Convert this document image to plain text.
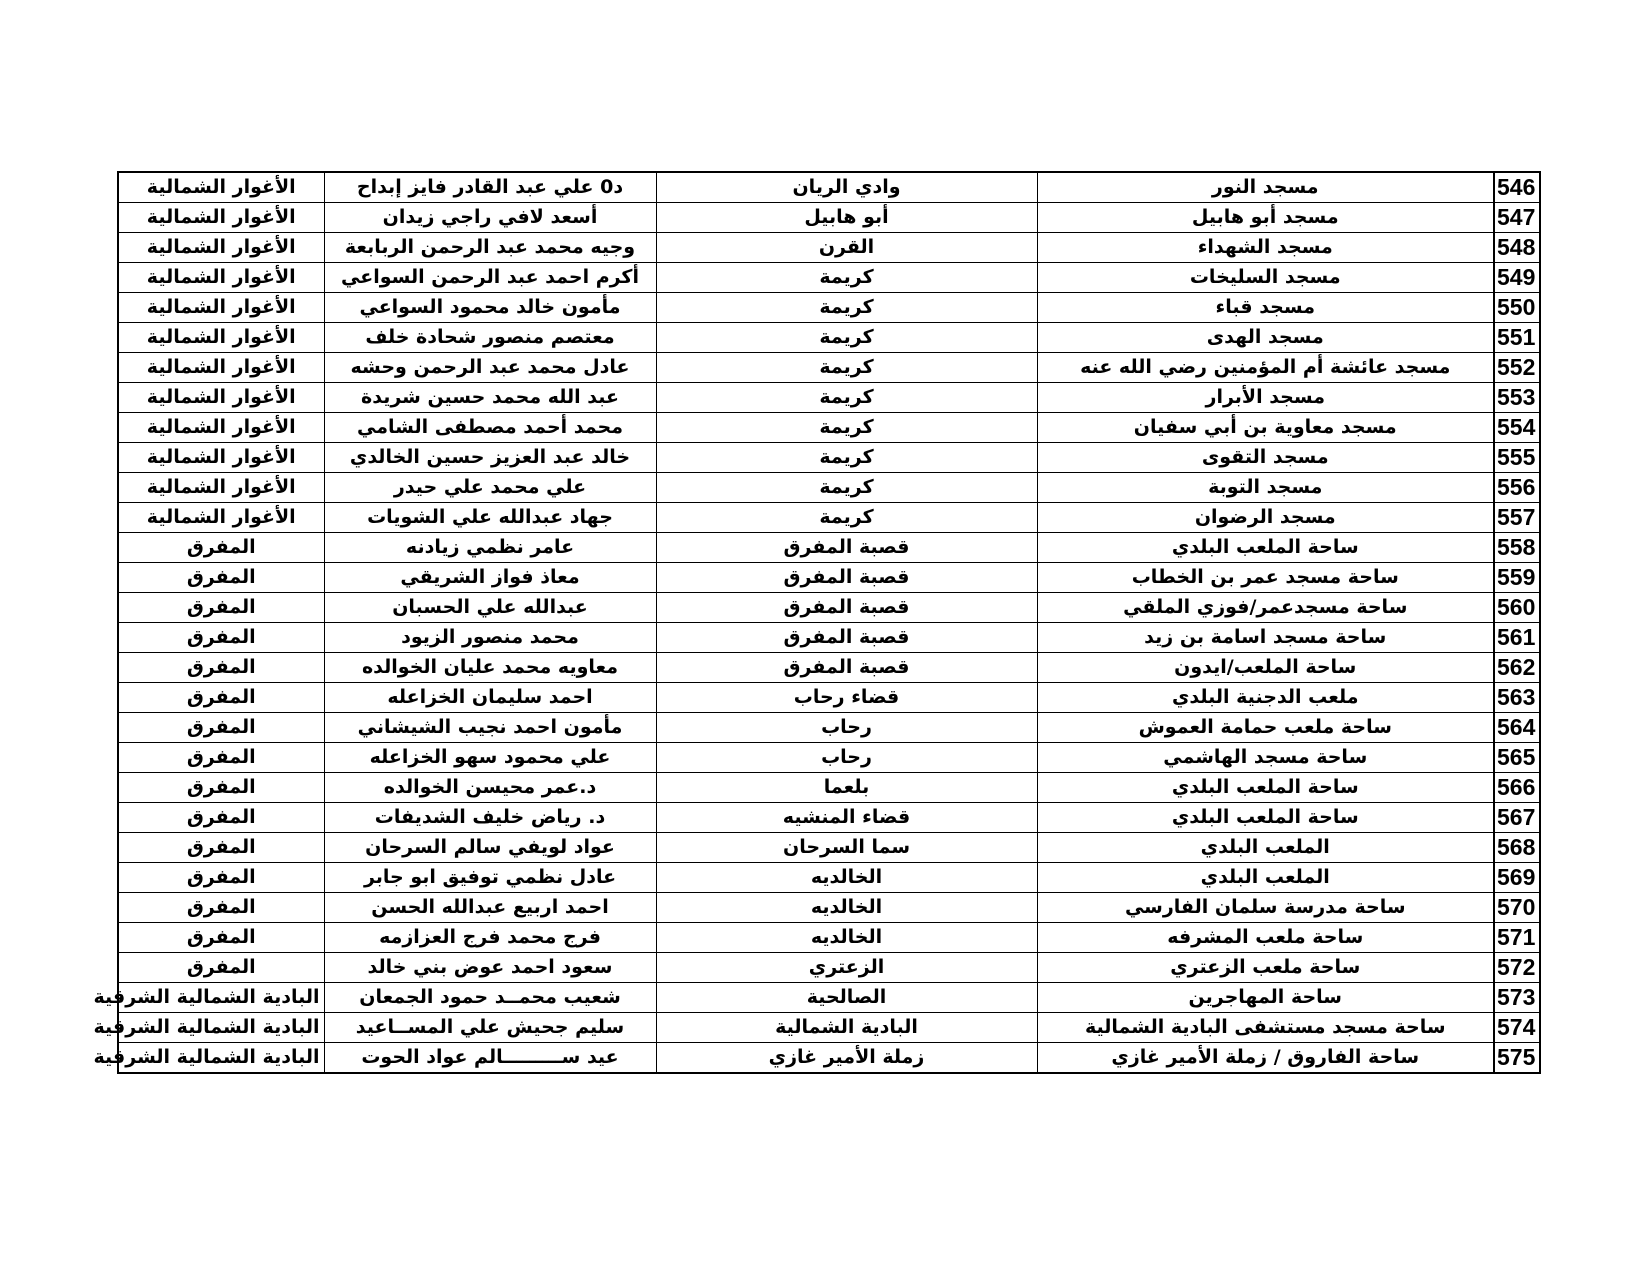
546	مسجد النور	وادي الريان	د0 علي عبد القادر فايز إبداح	الأغوار الشمالية
547	مسجد أبو هابيل	أبو هابيل	أسعد لافي راجي زيدان	الأغوار الشمالية
548	مسجد الشهداء	القرن	وجيه محمد عبد الرحمن الربابعة	الأغوار الشمالية
549	مسجد السليخات	كريمة	أكرم احمد عبد الرحمن السواعي	الأغوار الشمالية
550	مسجد قباء	كريمة	مأمون خالد محمود السواعي	الأغوار الشمالية
551	مسجد الهدى	كريمة	معتصم منصور شحادة خلف	الأغوار الشمالية
552	مسجد عائشة أم المؤمنين رضي الله عنه	كريمة	عادل محمد عبد الرحمن وحشه	الأغوار الشمالية
553	مسجد الأبرار	كريمة	عبد الله محمد حسين شريدة	الأغوار الشمالية
554	مسجد معاوية بن أبي سفيان	كريمة	محمد أحمد مصطفى الشامي	الأغوار الشمالية
555	مسجد التقوى	كريمة	خالد عبد العزيز حسين الخالدي	الأغوار الشمالية
556	مسجد التوبة	كريمة	علي محمد علي حيدر	الأغوار الشمالية
557	مسجد الرضوان	كريمة	جهاد عبدالله علي الشويات	الأغوار الشمالية
558	ساحة الملعب البلدي	قصبة المفرق	عامر نظمي زيادنه	المفرق
559	ساحة مسجد عمر بن الخطاب	قصبة المفرق	معاذ فواز الشريقي	المفرق
560	ساحة مسجدعمر/فوزي الملقي	قصبة المفرق	عبدالله علي الحسبان	المفرق
561	ساحة مسجد اسامة بن زيد	قصبة المفرق	محمد منصور الزيود	المفرق
562	ساحة الملعب/ايدون	قصبة المفرق	معاويه محمد عليان الخوالده	المفرق
563	ملعب الدجنية البلدي	قضاء رحاب	احمد سليمان الخزاعله	المفرق
564	ساحة ملعب حمامة العموش	رحاب	مأمون احمد نجيب الشيشاني	المفرق
565	ساحة مسجد الهاشمي	رحاب	علي محمود سهو الخزاعله	المفرق
566	ساحة الملعب البلدي	بلعما	د.عمر محيسن الخوالده	المفرق
567	ساحة الملعب البلدي	قضاء المنشيه	د. رياض خليف الشديفات	المفرق
568	الملعب البلدي	سما السرحان	عواد لويفي سالم السرحان	المفرق
569	الملعب البلدي	الخالديه	عادل نظمي توفيق ابو جابر	المفرق
570	ساحة مدرسة سلمان الفارسي	الخالديه	احمد اربيع عبدالله الحسن	المفرق
571	ساحة ملعب المشرفه	الخالديه	فرج محمد فرج العزازمه	المفرق
572	ساحة ملعب الزعتري	الزعتري	سعود احمد عوض بني خالد	المفرق
573	ساحة المهاجرين	الصالحية	شعيب محمــد حمود الجمعان	البادية الشمالية الشرقية
574	ساحة مسجد مستشفى البادية الشمالية	البادية الشمالية	سليم جحيش علي المســاعيد	البادية الشمالية الشرقية
575	ساحة الفاروق / زملة الأمير غازي	زملة الأمير غازي	عيد ســـــــــالم عواد الحوت	البادية الشمالية الشرقية
